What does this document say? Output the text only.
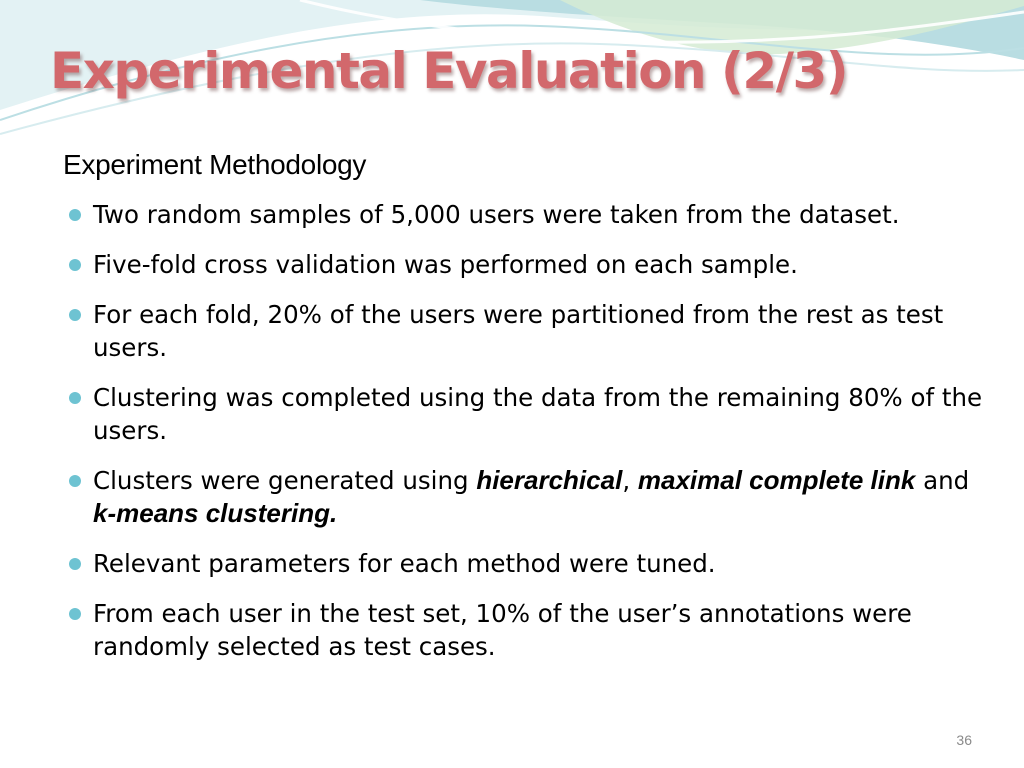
Experimental Evaluation (2/3)
Experiment Methodology
Two random samples of 5,000 users were taken from the dataset.
Five-fold cross validation was performed on each sample.
For each fold, 20% of the users were partitioned from the rest as test users.
Clustering was completed using the data from the remaining 80% of the users.
Clusters were generated using hierarchical, maximal complete link and k-means clustering.
Relevant parameters for each method were tuned.
From each user in the test set, 10% of the user’s annotations were randomly selected as test cases.
36
